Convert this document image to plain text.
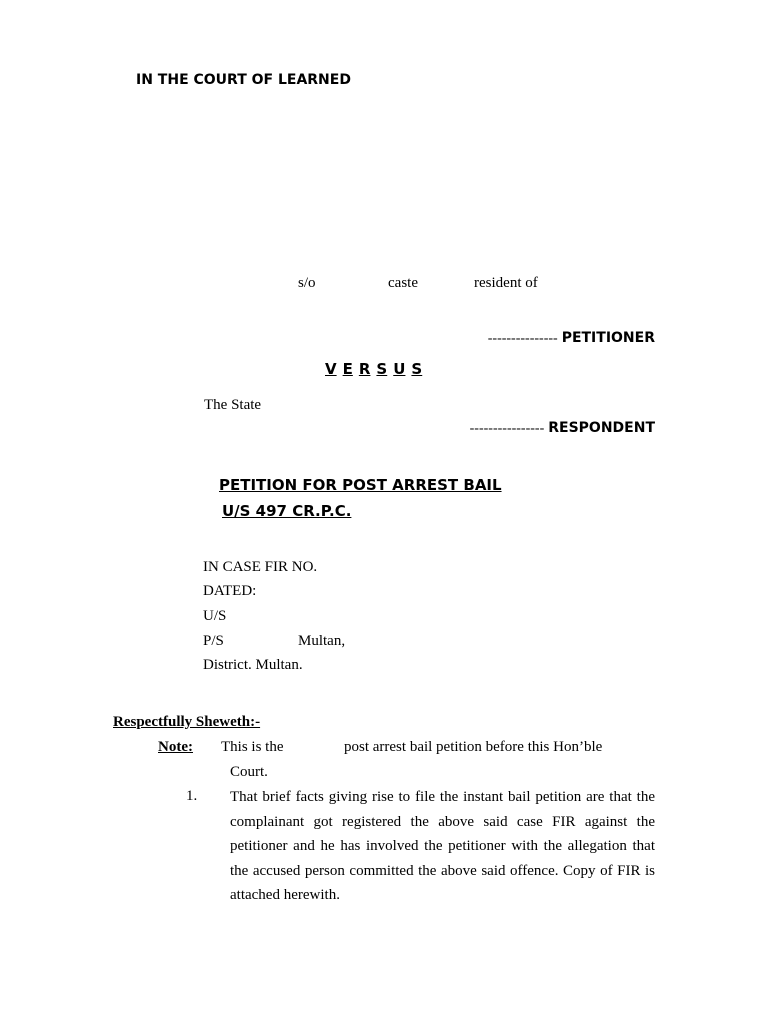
IN THE COURT OF LEARNED
s/o	caste	resident of
--------------- PETITIONER
V E R S U S
The State
---------------- RESPONDENT
PETITION FOR POST ARREST BAIL
U/S 497 CR.P.C.
IN CASE FIR NO.
DATED:
U/S
P/S	Multan,
District. Multan.
Respectfully Sheweth:-
Note: This is the	post arrest bail petition before this Hon’ble
Court.
1. That brief facts giving rise to file the instant bail petition are that the complainant got registered the above said case FIR against the petitioner and he has involved the petitioner with the allegation that the accused person committed the above said offence. Copy of FIR is attached herewith.
